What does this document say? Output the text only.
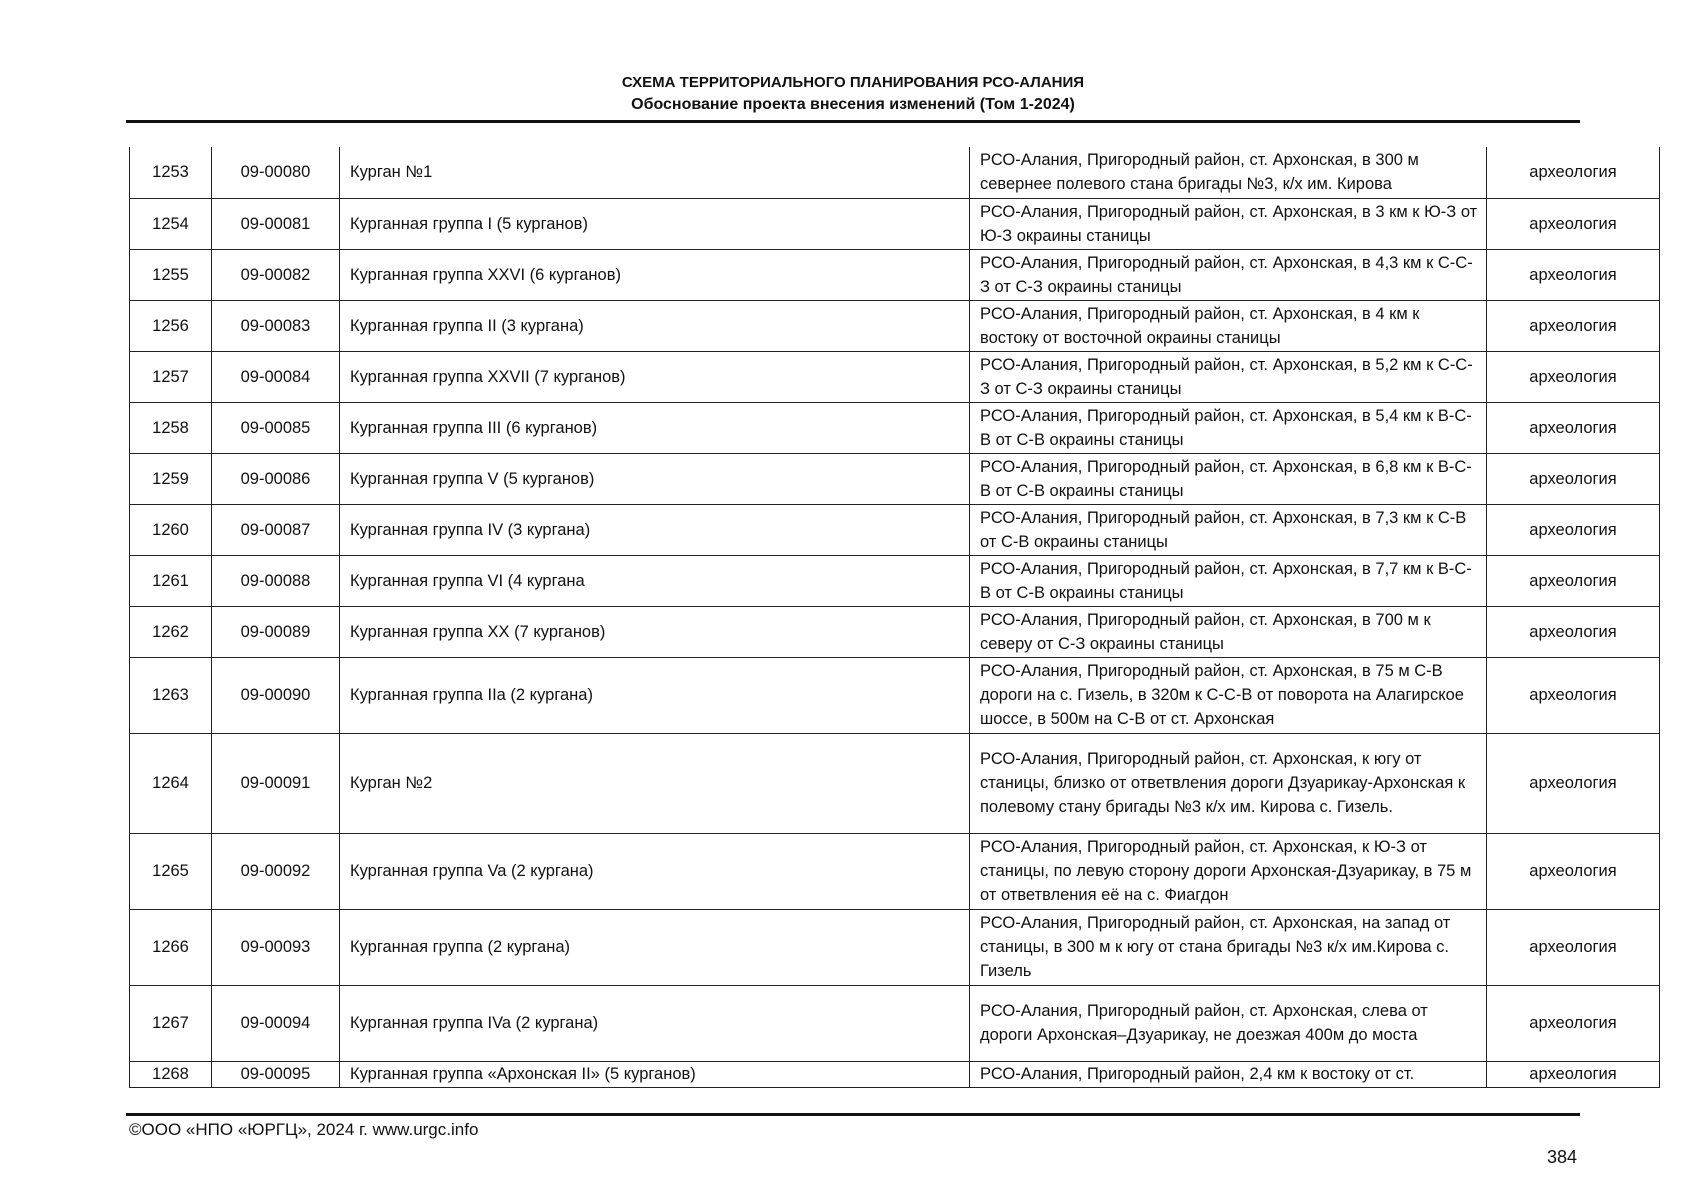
СХЕМА ТЕРРИТОРИАЛЬНОГО ПЛАНИРОВАНИЯ РСО-АЛАНИЯ
Обоснование проекта внесения изменений (Том 1-2024)
1253	09-00080	Курган №1	РСО-Алания, Пригородный район, ст. Архонская, в 300 м севернее полевого стана бригады №3, к/х им. Кирова	археология
1254	09-00081	Курганная группа I (5 курганов)	РСО-Алания, Пригородный район, ст. Архонская, в 3 км к Ю-З от Ю-З окраины станицы	археология
1255	09-00082	Курганная группа XXVI (6 курганов)	РСО-Алания, Пригородный район, ст. Архонская, в 4,3 км к С-С-З от С-З окраины станицы	археология
1256	09-00083	Курганная группа II (3 кургана)	РСО-Алания, Пригородный район, ст. Архонская, в 4 км к востоку от восточной окраины станицы	археология
1257	09-00084	Курганная группа XXVII (7 курганов)	РСО-Алания, Пригородный район, ст. Архонская, в 5,2 км к С-С-З от С-З окраины станицы	археология
1258	09-00085	Курганная группа III (6 курганов)	РСО-Алания, Пригородный район, ст. Архонская, в 5,4 км к В-С-В от С-В окраины станицы	археология
1259	09-00086	Курганная группа V (5 курганов)	РСО-Алания, Пригородный район, ст. Архонская, в 6,8 км к В-С-В от С-В окраины станицы	археология
1260	09-00087	Курганная группа IV (3 кургана)	РСО-Алания, Пригородный район, ст. Архонская, в 7,3 км к С-В от С-В окраины станицы	археология
1261	09-00088	Курганная группа VI (4 кургана	РСО-Алания, Пригородный район, ст. Архонская, в 7,7 км к В-С-В от С-В окраины станицы	археология
1262	09-00089	Курганная группа XX (7 курганов)	РСО-Алания, Пригородный район, ст. Архонская, в 700 м к северу от С-З окраины станицы	археология
1263	09-00090	Курганная группа IIa (2 кургана)	РСО-Алания, Пригородный район, ст. Архонская, в 75 м С-В дороги на с. Гизель, в 320м к С-С-В от поворота на Алагирское шоссе, в 500м на С-В от ст. Архонская	археология
1264	09-00091	Курган №2	РСО-Алания, Пригородный район, ст. Архонская, к югу от станицы, близко от ответвления дороги Дзуарикау-Архонская к полевому стану бригады №3 к/х им. Кирова с. Гизель.	археология
1265	09-00092	Курганная группа Va (2 кургана)	РСО-Алания, Пригородный район, ст. Архонская, к Ю-З от станицы, по левую сторону дороги Архонская-Дзуарикау, в 75 м от ответвления её на с. Фиагдон	археология
1266	09-00093	Курганная группа (2 кургана)	РСО-Алания, Пригородный район, ст. Архонская, на запад от станицы, в 300 м к югу от стана бригады №3 к/х им.Кирова с. Гизель	археология
1267	09-00094	Курганная группа IVa (2 кургана)	РСО-Алания, Пригородный район, ст. Архонская, слева от дороги Архонская–Дзуарикау, не доезжая 400м до моста	археология
1268	09-00095	Курганная группа «Архонская II» (5 курганов)	РСО-Алания, Пригородный район, 2,4 км к востоку от ст.	археология
©ООО «НПО «ЮРГЦ», 2024 г. www.urgc.info
384
